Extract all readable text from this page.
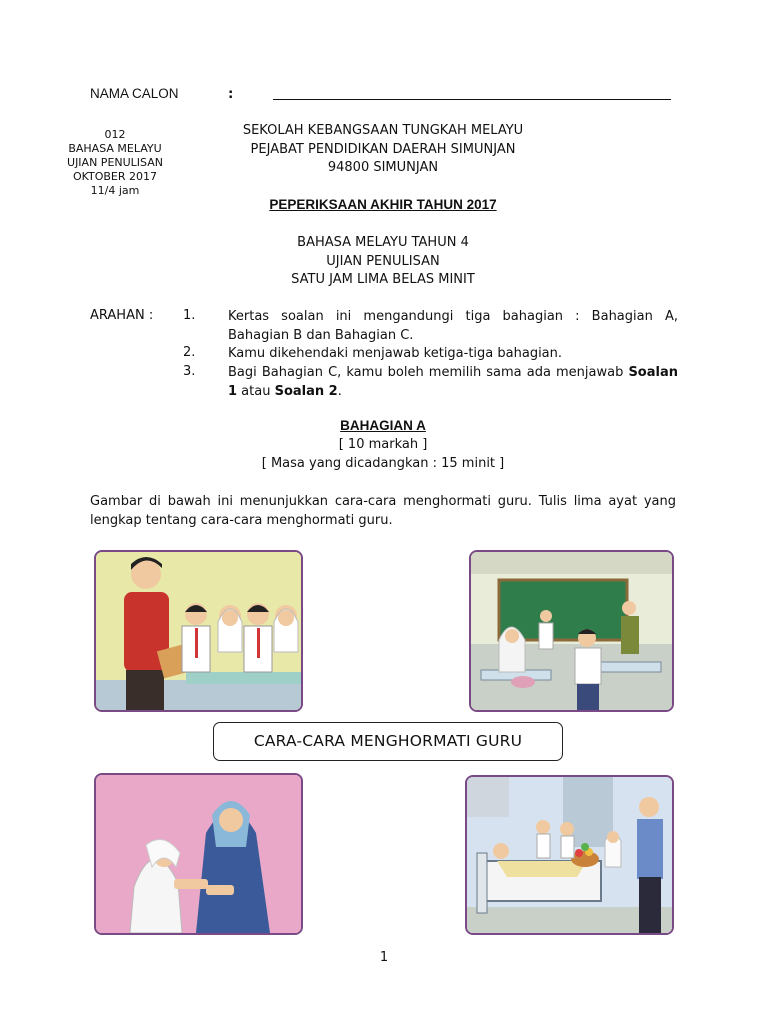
NAMA CALON	:
012
BAHASA MELAYU
UJIAN PENULISAN
OKTOBER 2017
11/4 jam
SEKOLAH KEBANGSAAN TUNGKAH MELAYU
PEJABAT PENDIDIKAN DAERAH SIMUNJAN
94800 SIMUNJAN
PEPERIKSAAN AKHIR TAHUN 2017
BAHASA MELAYU TAHUN 4
UJIAN PENULISAN
SATU JAM LIMA BELAS MINIT
ARAHAN : 1.	Kertas soalan ini mengandungi tiga bahagian : Bahagian A, Bahagian B dan Bahagian C.
2.	Kamu dikehendaki menjawab ketiga-tiga bahagian.
3.	Bagi Bahagian C, kamu boleh memilih sama ada menjawab Soalan 1 atau Soalan 2.
BAHAGIAN A
[ 10 markah ]
[ Masa yang dicadangkan : 15 minit ]
Gambar di bawah ini menunjukkan cara-cara menghormati guru. Tulis lima ayat yang lengkap tentang cara-cara menghormati guru.
CARA-CARA MENGHORMATI GURU
1
